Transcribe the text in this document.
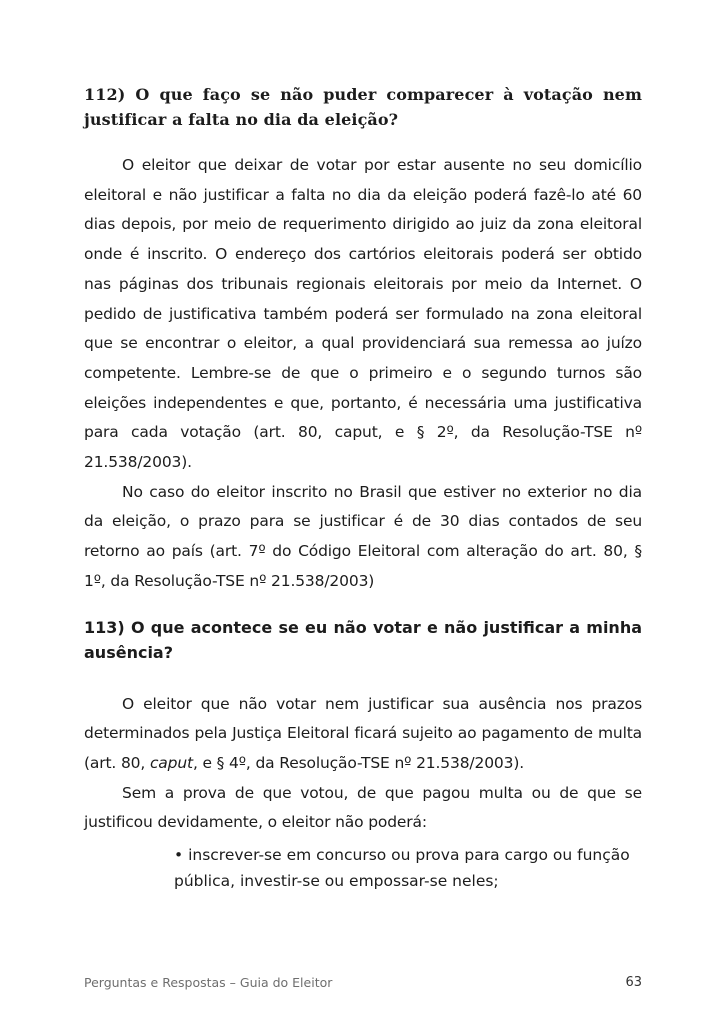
112) O que faço se não puder comparecer à votação nem justificar a falta no dia da eleição?

O eleitor que deixar de votar por estar ausente no seu domicílio eleitoral e não justificar a falta no dia da eleição poderá fazê-lo até 60 dias depois, por meio de requerimento dirigido ao juiz da zona eleitoral onde é inscrito. O endereço dos cartórios eleitorais poderá ser obtido nas páginas dos tribunais regionais eleitorais por meio da Internet. O pedido de justificativa também poderá ser formulado na zona eleitoral que se encontrar o eleitor, a qual providenciará sua remessa ao juízo competente. Lembre-se de que o primeiro e o segundo turnos são eleições independentes e que, portanto, é necessária uma justificativa para cada votação (art. 80, caput, e § 2º, da Resolução-TSE nº 21.538/2003).

No caso do eleitor inscrito no Brasil que estiver no exterior no dia da eleição, o prazo para se justificar é de 30 dias contados de seu retorno ao país (art. 7º do Código Eleitoral com alteração do art. 80, § 1º, da Resolução-TSE nº 21.538/2003)

113) O que acontece se eu não votar e não justificar a minha ausência?

O eleitor que não votar nem justificar sua ausência nos prazos determinados pela Justiça Eleitoral ficará sujeito ao pagamento de multa (art. 80, caput, e § 4º, da Resolução-TSE nº 21.538/2003).

Sem a prova de que votou, de que pagou multa ou de que se justificou devidamente, o eleitor não poderá:

• inscrever-se em concurso ou prova para cargo ou função pública, investir-se ou empossar-se neles;

Perguntas e Respostas – Guia do Eleitor	63
